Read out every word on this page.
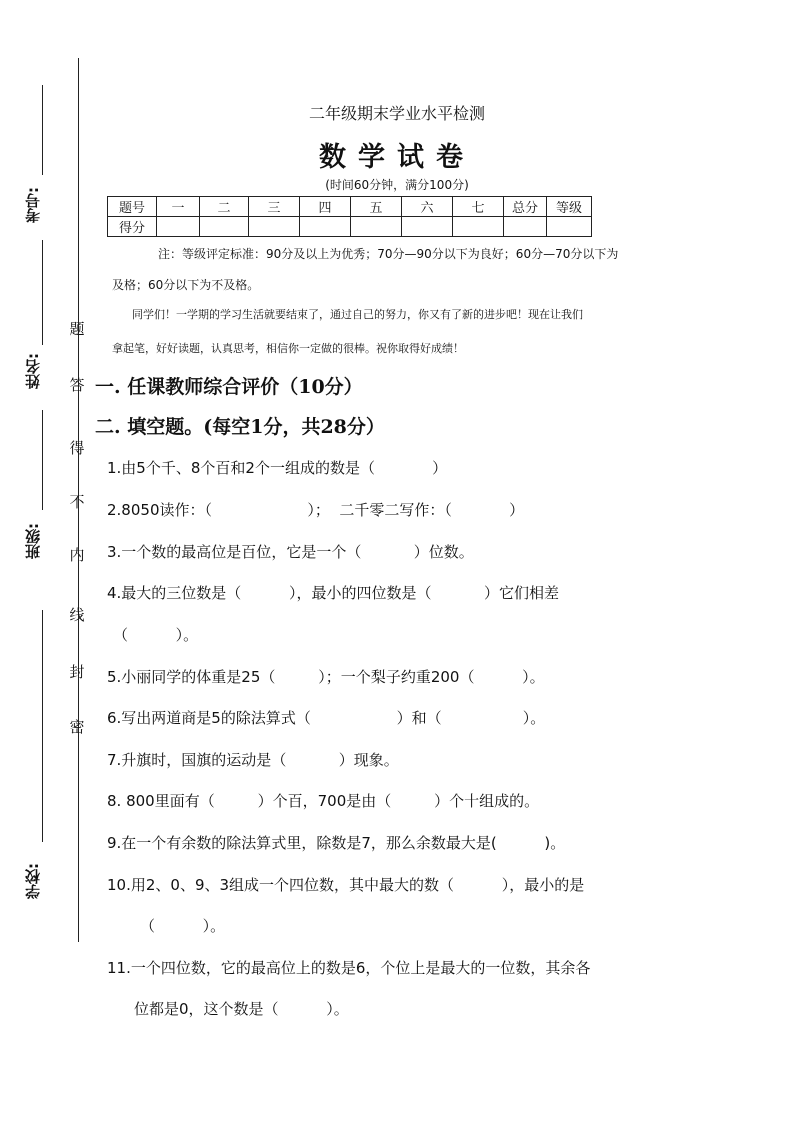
考号:
姓名:
班级:
学校:
题
答
得
不
内
线
封
密
二年级期末学业水平检测
数学试卷
(时间60分钟，满分100分)
题号	一	二	三	四	五	六	七	总分	等级
得分									
注：等级评定标准：90分及以上为优秀；70分—90分以下为良好；60分—70分以下为
及格；60分以下为不及格。
同学们！一学期的学习生活就要结束了，通过自己的努力，你又有了新的进步吧！现在让我们
拿起笔，好好读题，认真思考，相信你一定做的很棒。祝你取得好成绩！
一. 任课教师综合评价（10分）
二. 填空题。(每空1分，共28分）
1.由5个千、8个百和2个一组成的数是（            ）
2.8050读作：（                    ）；  二千零二写作：（            ）
3.一个数的最高位是百位，它是一个（           ）位数。
4.最大的三位数是（          ），最小的四位数是（           ）它们相差
（          ）。
5.小丽同学的体重是25（         ）；一个梨子约重200（          ）。
6.写出两道商是5的除法算式（                  ）和（                 ）。
7.升旗时，国旗的运动是（           ）现象。
8. 800里面有（         ）个百，700是由（         ）个十组成的。
9.在一个有余数的除法算式里，除数是7，那么余数最大是(          )。
10.用2、0、9、3组成一个四位数，其中最大的数（          ），最小的是
（          ）。
11.一个四位数，它的最高位上的数是6，个位上是最大的一位数，其余各
位都是0，这个数是（          ）。
